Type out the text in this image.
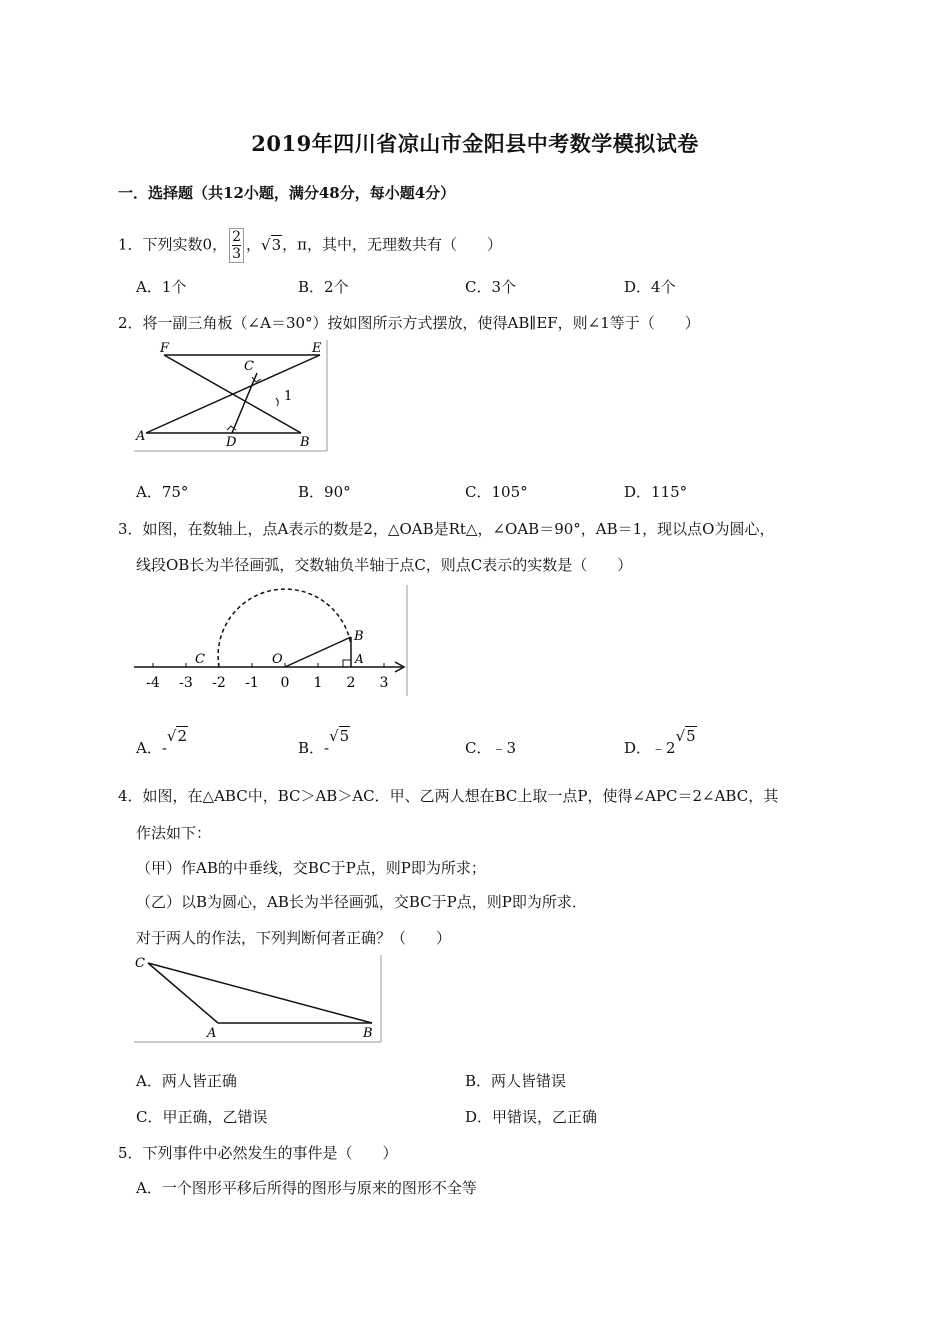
2019年四川省凉山市金阳县中考数学模拟试卷
一．选择题（共12小题，满分48分，每小题4分）
1．下列实数0， $\frac{2}{3}$ ，√3，π，其中，无理数共有（　　）
A．1个	B．2个	C．3个	D．4个
2．将一副三角板（∠A＝30°）按如图所示方式摆放，使得AB∥EF，则∠1等于（　　）
F	E
C
1
A	D	B
A．75°	B．90°	C．105°	D．115°
3．如图，在数轴上，点A表示的数是2，△OAB是Rt△，∠OAB＝90°，AB＝1，现以点O为圆心，
线段OB长为半径画弧，交数轴负半轴于点C，则点C表示的实数是（　　）
B
C	O	A
-4 -3 -2 -1 0 1 2 3
A．-√2
B．-√5
C．﹣3	D．﹣2√5
4．如图，在△ABC中，BC＞AB＞AC．甲、乙两人想在BC上取一点P，使得∠APC＝2∠ABC，其
作法如下：
（甲）作AB的中垂线，交BC于P点，则P即为所求；
（乙）以B为圆心，AB长为半径画弧，交BC于P点，则P即为所求．
对于两人的作法，下列判断何者正确？（　　）
C
A	B
A．两人皆正确	B．两人皆错误
C．甲正确，乙错误	D．甲错误，乙正确
5．下列事件中必然发生的事件是（　　）
A．一个图形平移后所得的图形与原来的图形不全等
